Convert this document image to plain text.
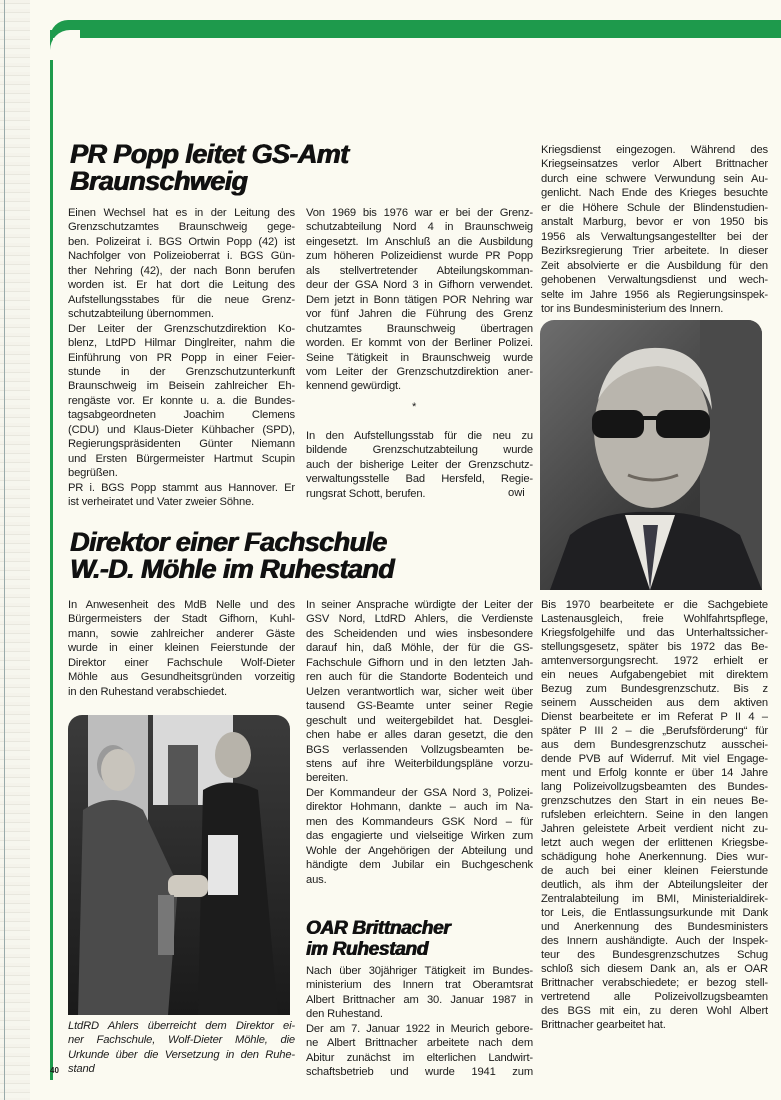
PR Popp leitet GS-Amt
Braunschweig
Einen Wechsel hat es in der Leitung des
Grenzschutzamtes Braunschweig gege-
ben. Polizeirat i. BGS Ortwin Popp (42) ist
Nachfolger von Polizeioberrat i. BGS Gün-
ther Nehring (42), der nach Bonn berufen
worden ist. Er hat dort die Leitung des
Aufstellungsstabes für die neue Grenz-
schutzabteilung übernommen.
Der Leiter der Grenzschutzdirektion Ko-
blenz, LtdPD Hilmar Dinglreiter, nahm die
Einführung von PR Popp in einer Feier-
stunde in der Grenzschutzunterkunft
Braunschweig im Beisein zahlreicher Eh-
rengäste vor. Er konnte u. a. die Bundes-
tagsabgeordneten Joachim Clemens
(CDU) und Klaus-Dieter Kühbacher (SPD),
Regierungspräsidenten Günter Niemann
und Ersten Bürgermeister Hartmut Scupin
begrüßen.
PR i. BGS Popp stammt aus Hannover. Er
ist verheiratet und Vater zweier Söhne.
Von 1969 bis 1976 war er bei der Grenz-
schutzabteilung Nord 4 in Braunschweig
eingesetzt. Im Anschluß an die Ausbildung
zum höheren Polizeidienst wurde PR Popp
als stellvertretender Abteilungskomman-
deur der GSA Nord 3 in Gifhorn verwendet.
Dem jetzt in Bonn tätigen POR Nehring war
vor fünf Jahren die Führung des Grenz
chutzamtes Braunschweig übertragen
worden. Er kommt von der Berliner Polizei.
Seine Tätigkeit in Braunschweig wurde
vom Leiter der Grenzschutzdirektion aner-
kennend gewürdigt.
*
In den Aufstellungsstab für die neu zu
bildende Grenzschutzabteilung wurde
auch der bisherige Leiter der Grenzschutz-
verwaltungsstelle Bad Hersfeld, Regie-
rungsrat Schott, berufen.	owi
Kriegsdienst eingezogen. Während des
Kriegseinsatzes verlor Albert Brittnacher
durch eine schwere Verwundung sein Au-
genlicht. Nach Ende des Krieges besuchte
er die Höhere Schule der Blindenstudien-
anstalt Marburg, bevor er von 1950 bis
1956 als Verwaltungsangestellter bei der
Bezirksregierung Trier arbeitete. In dieser
Zeit absolvierte er die Ausbildung für den
gehobenen Verwaltungsdienst und wech-
selte im Jahre 1956 als Regierungsinspek-
tor ins Bundesministerium des Innern.
Direktor einer Fachschule
W.-D. Möhle im Ruhestand
In Anwesenheit des MdB Nelle und des
Bürgermeisters der Stadt Gifhorn, Kuhl-
mann, sowie zahlreicher anderer Gäste
wurde in einer kleinen Feierstunde der
Direktor einer Fachschule Wolf-Dieter
Möhle aus Gesundheitsgründen vorzeitig
in den Ruhestand verabschiedet.
LtdRD Ahlers überreicht dem Direktor ei-
ner Fachschule, Wolf-Dieter Möhle, die
Urkunde über die Versetzung in den Ruhe-
stand
40
In seiner Ansprache würdigte der Leiter der
GSV Nord, LtdRD Ahlers, die Verdienste
des Scheidenden und wies insbesondere
darauf hin, daß Möhle, der für die GS-
Fachschule Gifhorn und in den letzten Jah-
ren auch für die Standorte Bodenteich und
Uelzen verantwortlich war, sicher weit über
tausend GS-Beamte unter seiner Regie
geschult und weitergebildet hat. Desglei-
chen habe er alles daran gesetzt, die den
BGS verlassenden Vollzugsbeamten be-
stens auf ihre Weiterbildungspläne vorzu-
bereiten.
Der Kommandeur der GSA Nord 3, Polizei-
direktor Hohmann, dankte – auch im Na-
men des Kommandeurs GSK Nord – für
das engagierte und vielseitige Wirken zum
Wohle der Angehörigen der Abteilung und
händigte dem Jubilar ein Buchgeschenk
aus.
OAR Brittnacher
im Ruhestand
Nach über 30jähriger Tätigkeit im Bundes-
ministerium des Innern trat Oberamtsrat
Albert Brittnacher am 30. Januar 1987 in
den Ruhestand.
Der am 7. Januar 1922 in Meurich gebore-
ne Albert Brittnacher arbeitete nach dem
Abitur zunächst im elterlichen Landwirt-
schaftsbetrieb und wurde 1941 zum
Bis 1970 bearbeitete er die Sachgebiete
Lastenausgleich, freie Wohlfahrtspflege,
Kriegsfolgehilfe und das Unterhaltssicher-
stellungsgesetz, später bis 1972 das Be-
amtenversorgungsrecht. 1972 erhielt er
ein neues Aufgabengebiet mit direktem
Bezug zum Bundesgrenzschutz. Bis z
seinem Ausscheiden aus dem aktiven
Dienst bearbeitete er im Referat P II 4 –
später P III 2 – die „Berufsförderung“ für
aus dem Bundesgrenzschutz ausschei-
dende PVB auf Widerruf. Mit viel Engage-
ment und Erfolg konnte er über 14 Jahre
lang Polizeivollzugsbeamten des Bundes-
grenzschutzes den Start in ein neues Be-
rufsleben erleichtern. Seine in den langen
Jahren geleistete Arbeit verdient nicht zu-
letzt auch wegen der erlittenen Kriegsbe-
schädigung hohe Anerkennung. Dies wur-
de auch bei einer kleinen Feierstunde
deutlich, als ihm der Abteilungsleiter der
Zentralabteilung im BMI, Ministerialdirek-
tor Leis, die Entlassungsurkunde mit Dank
und Anerkennung des Bundesministers
des Innern aushändigte. Auch der Inspek-
teur des Bundesgrenzschutzes Schug
schloß sich diesem Dank an, als er OAR
Brittnacher verabschiedete; er bezog stell-
vertretend alle Polizeivollzugsbeamten
des BGS mit ein, zu deren Wohl Albert
Brittnacher gearbeitet hat.
